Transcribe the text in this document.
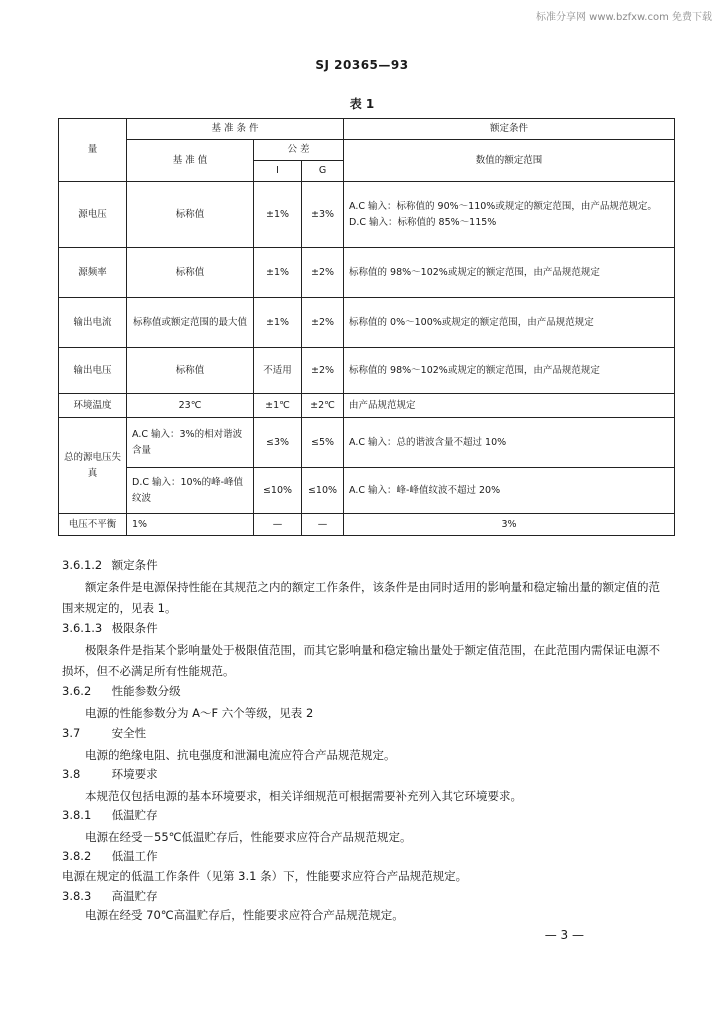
标准分享网 www.bzfxw.com 免费下载
SJ 20365—93
表 1
量	基 准 条 件			额定条件
	基 准 值	公 差		数值的额定范围
		I	G	
源电压	标称值	±1%	±3%	A.C 输入：标称值的 90%～110%或规定的额定范围，由产品规范规定。D.C 输入：标称值的 85%～115%
源频率	标称值	±1%	±2%	标称值的 98%～102%或规定的额定范围，由产品规范规定
输出电流	标称值或额定范围的最大值	±1%	±2%	标称值的 0%～100%或规定的额定范围，由产品规范规定
输出电压	标称值	不适用	±2%	标称值的 98%～102%或规定的额定范围，由产品规范规定
环境温度	23℃	±1℃	±2℃	由产品规范规定
总的源电压失真	A.C 输入：3%的相对谐波含量	≤3%	≤5%	A.C 输入：总的谐波含量不超过 10%
	D.C 输入：10%的峰-峰值纹波	≤10%	≤10%	A.C 输入：峰-峰值纹波不超过 20%
电压不平衡	1%	—	—	3%
3.6.1.2 额定条件
额定条件是电源保持性能在其规范之内的额定工作条件，该条件是由同时适用的影响量和稳定输出量的额定值的范围来规定的，见表 1。
3.6.1.3 极限条件
极限条件是指某个影响量处于极限值范围，而其它影响量和稳定输出量处于额定值范围，在此范围内需保证电源不损坏，但不必满足所有性能规范。
3.6.2 性能参数分级
电源的性能参数分为 A～F 六个等级，见表 2
3.7	安全性
电源的绝缘电阻、抗电强度和泄漏电流应符合产品规范规定。
3.8	环境要求
本规范仅包括电源的基本环境要求，相关详细规范可根据需要补充列入其它环境要求。
3.8.1 低温贮存
电源在经受－55℃低温贮存后，性能要求应符合产品规范规定。
3.8.2 低温工作
电源在规定的低温工作条件（见第 3.1 条）下，性能要求应符合产品规范规定。
3.8.3 高温贮存
电源在经受 70℃高温贮存后，性能要求应符合产品规范规定。
— 3 —
